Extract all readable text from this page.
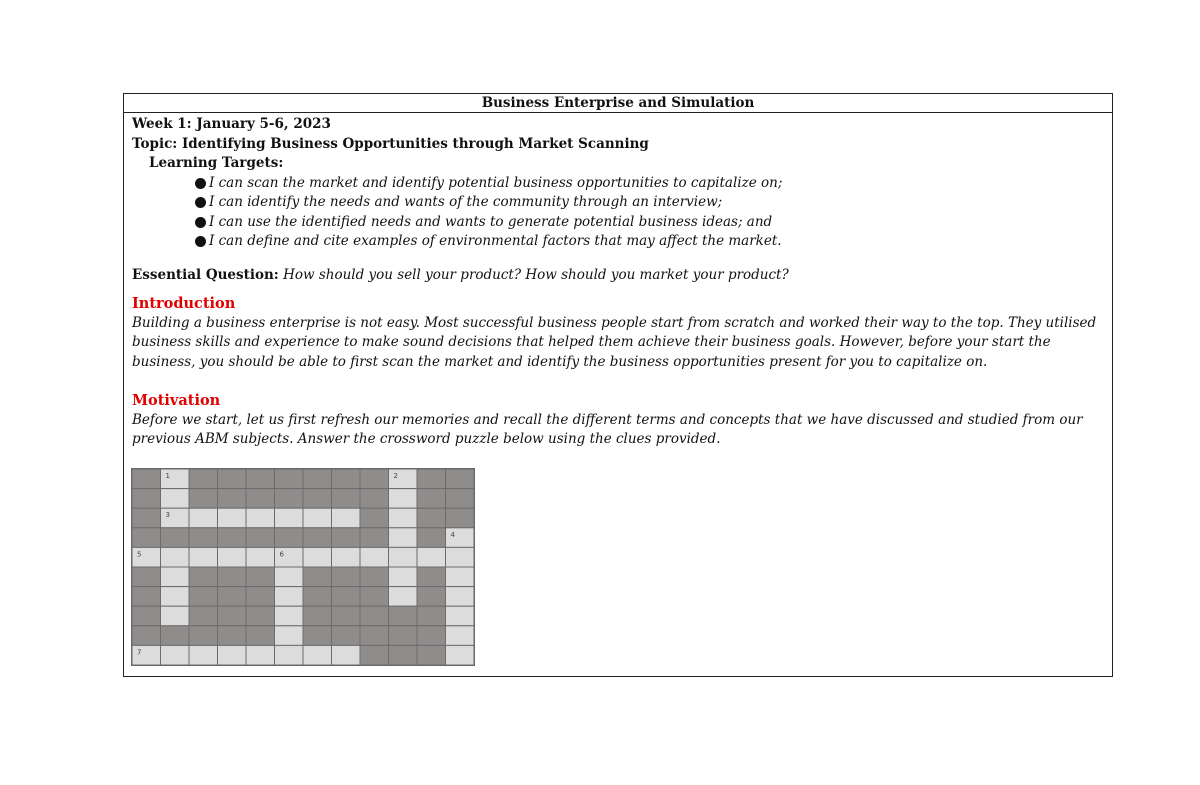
Business Enterprise and Simulation
Week 1: January 5-6, 2023
Topic: Identifying Business Opportunities through Market Scanning
Learning Targets:
I can scan the market and identify potential business opportunities to capitalize on;
I can identify the needs and wants of the community through an interview;
I can use the identified needs and wants to generate potential business ideas; and
I can define and cite examples of environmental factors that may affect the market.
Essential Question: How should you sell your product? How should you market your product?
Introduction
Building a business enterprise is not easy. Most successful business people start from scratch and worked their way to the top. They utilised business skills and experience to make sound decisions that helped them achieve their business goals. However, before your start the business, you should be able to first scan the market and identify the business opportunities present for you to capitalize on.
Motivation
Before we start, let us first refresh our memories and recall the different terms and concepts that we have discussed and studied from our previous ABM subjects. Answer the crossword puzzle below using the clues provided.
1	2
3
4
5	6
7
